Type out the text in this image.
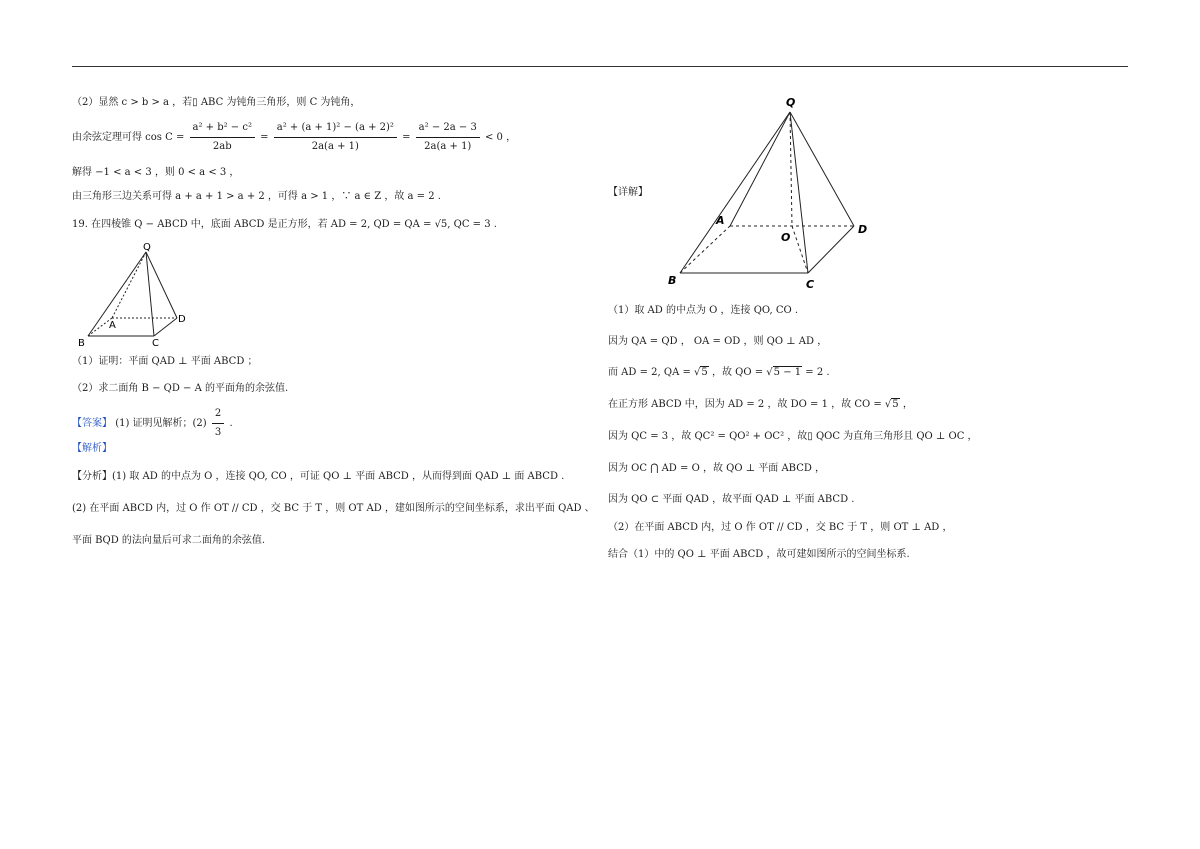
（2）显然 c > b > a ，若▯ ABC 为钝角三角形，则 C 为钝角，
由余弦定理可得 $\cos C = \frac{\text{a² + b² − c²}}{2ab} = \frac{\text{a² + (a + 1)² − (a + 2)²}}{2a(a + 1)} = \frac{\text{a² − 2a − 3}}{2a(a + 1)} < 0$ ，
解得 −1 < a < 3 ，则 0 < a < 3 ，
由三角形三边关系可得 a + a + 1 > a + 2 ，可得 a > 1 ，∵ a ∈ Z ，故 a = 2 .
19. 在四棱锥 Q − ABCD 中，底面 ABCD 是正方形，若 AD = 2, QD = QA = √5, QC = 3 .
Q
A
B	C
D
（1）证明：平面 QAD ⊥ 平面 ABCD ；
（2）求二面角 B − QD − A 的平面角的余弦值.
【答案】 (1) 证明见解析；$(2) \frac{2}{3}$ .
【解析】
【分析】(1) 取 AD 的中点为 O ，连接 QO, CO ，可证 QO ⊥ 平面 ABCD ，从而得到面 QAD ⊥ 面 ABCD .
(2) 在平面 ABCD 内，过 O 作 OT // CD ，交 BC 于 T ，则 OT AD ，建如图所示的空间坐标系，求出平面 QAD 、
平面 BQD 的法向量后可求二面角的余弦值.
Q
A
O
B	C
D
【详解】
（1）取 AD 的中点为 O ，连接 QO, CO .
因为 QA = QD ， OA = OD ，则 QO ⊥ AD ，
而 AD = 2, QA = √5 ，故 QO = √5 − 1 = 2 .
在正方形 ABCD 中，因为 AD = 2 ，故 DO = 1 ，故 CO = √5 ，
因为 QC = 3 ，故 QC² = QO² + OC² ，故▯ QOC 为直角三角形且 QO ⊥ OC ，
因为 OC ⋂ AD = O ，故 QO ⊥ 平面 ABCD ，
因为 QO ⊂ 平面 QAD ，故平面 QAD ⊥ 平面 ABCD .
（2）在平面 ABCD 内，过 O 作 OT // CD ，交 BC 于 T ，则 OT ⊥ AD ，
结合（1）中的 QO ⊥ 平面 ABCD ，故可建如图所示的空间坐标系.
